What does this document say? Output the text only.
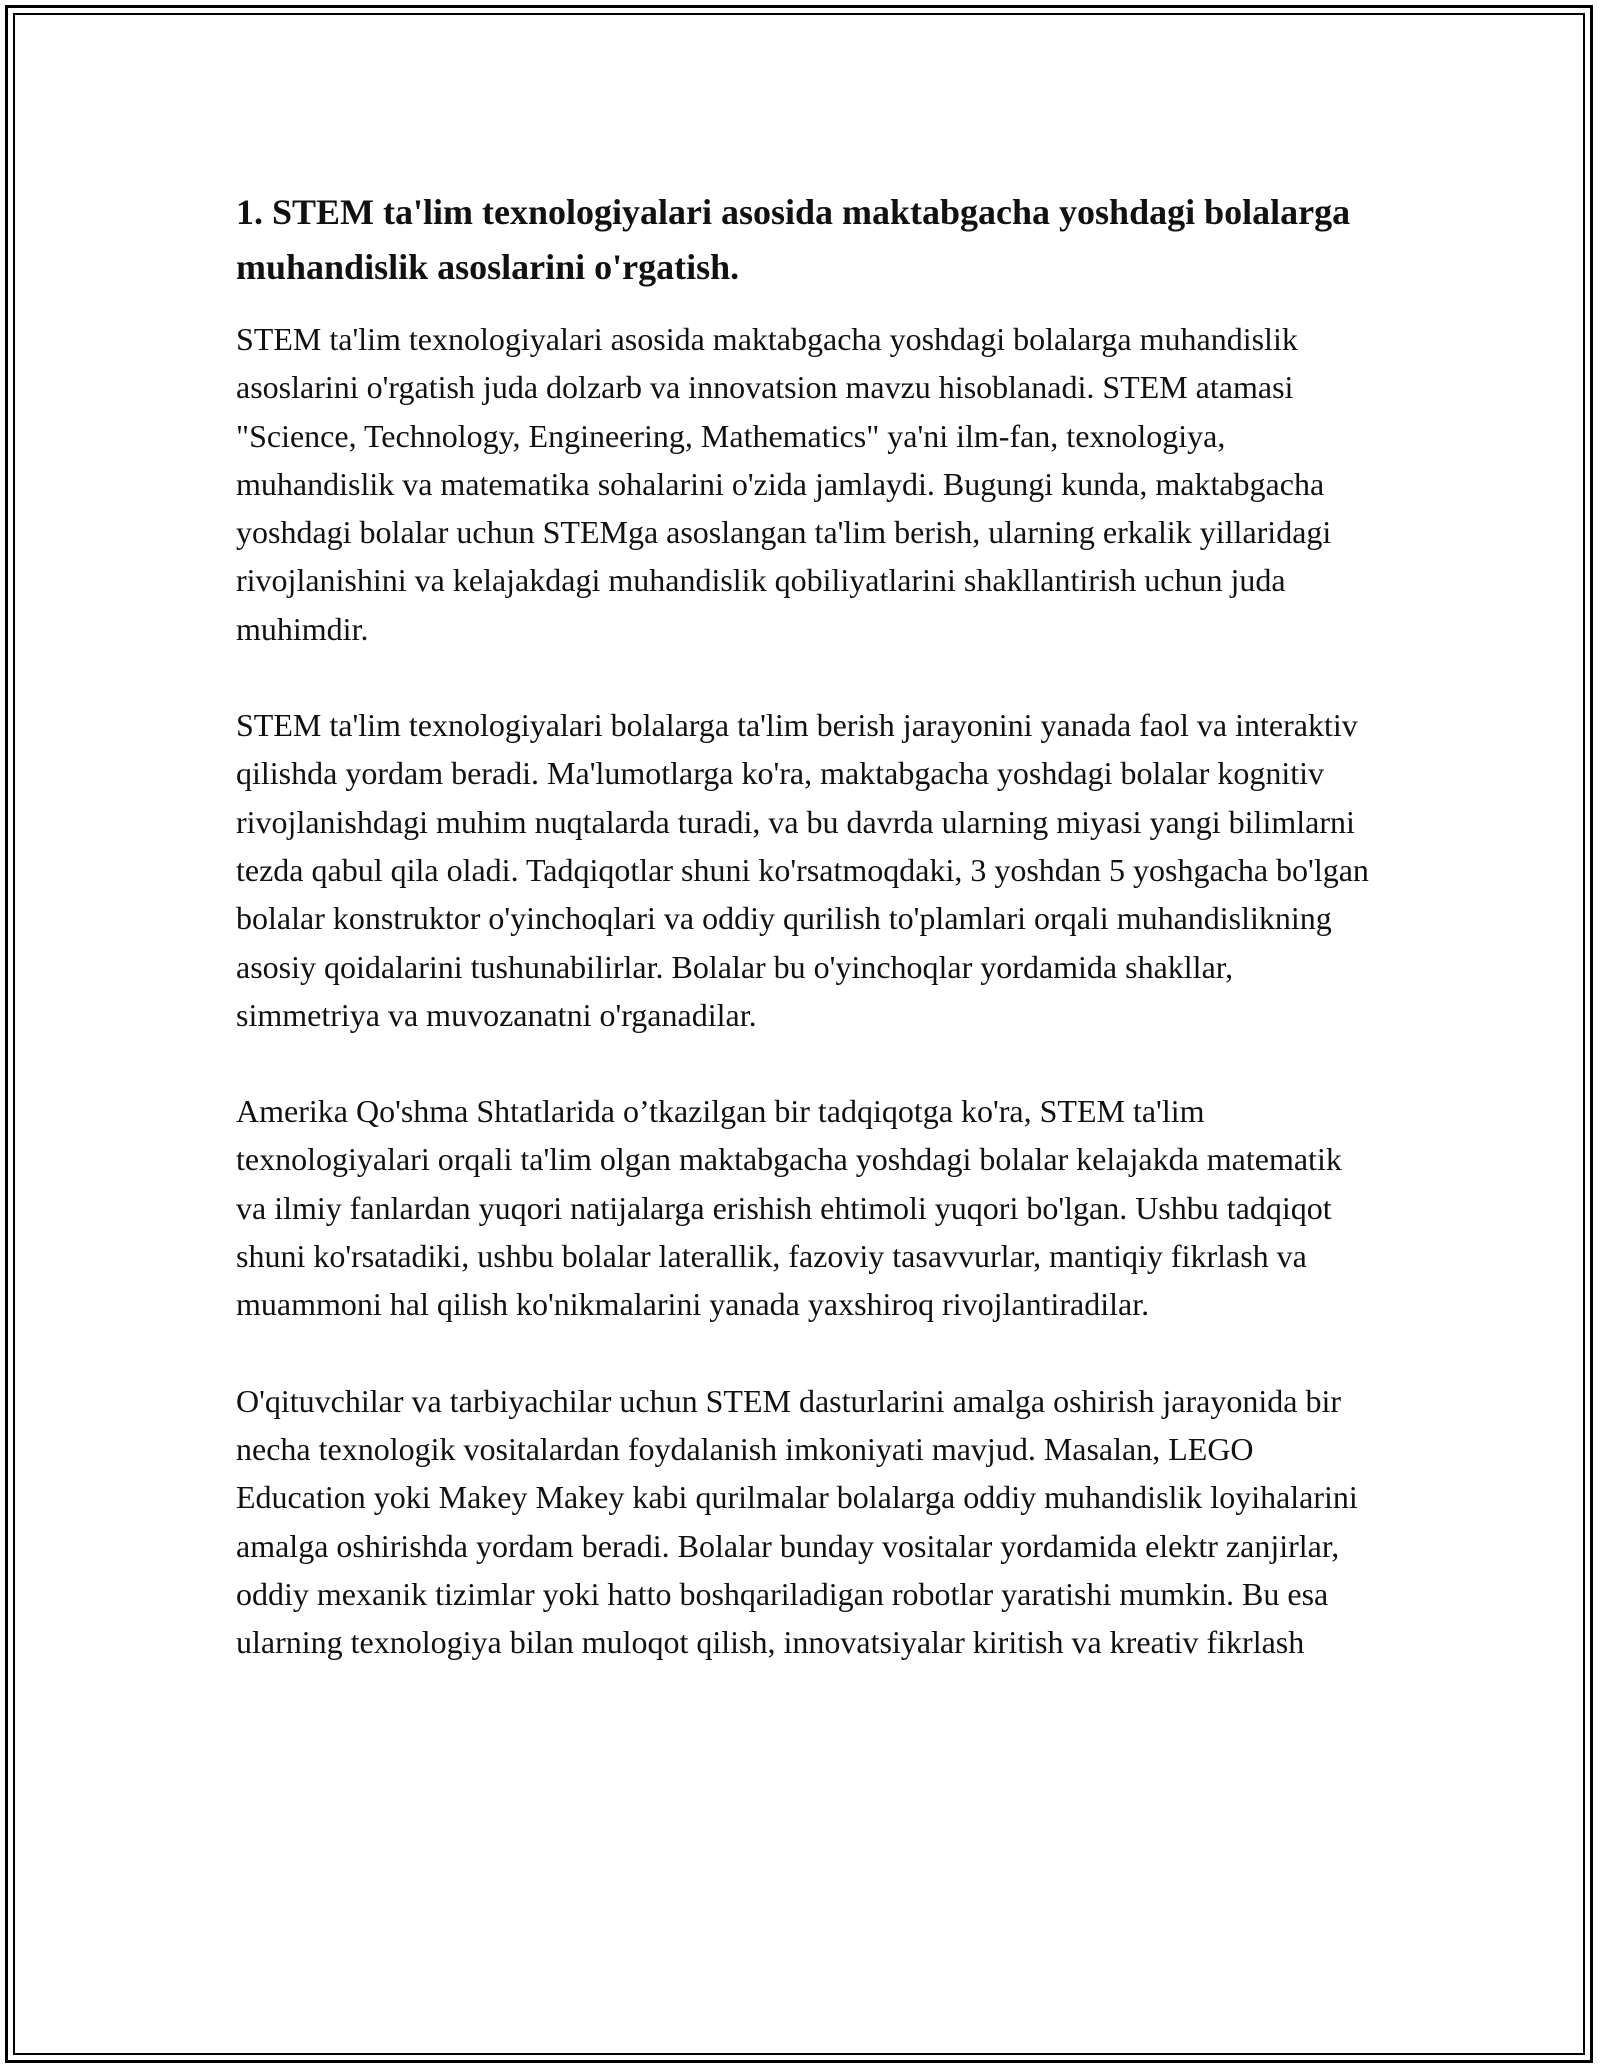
1. STEM ta'lim texnologiyalari asosida maktabgacha yoshdagi bolalarga muhandislik asoslarini o'rgatish.

STEM ta'lim texnologiyalari asosida maktabgacha yoshdagi bolalarga muhandislik asoslarini o'rgatish juda dolzarb va innovatsion mavzu hisoblanadi. STEM atamasi "Science, Technology, Engineering, Mathematics" ya'ni ilm-fan, texnologiya, muhandislik va matematika sohalarini o'zida jamlaydi. Bugungi kunda, maktabgacha yoshdagi bolalar uchun STEMga asoslangan ta'lim berish, ularning erkalik yillaridagi rivojlanishini va kelajakdagi muhandislik qobiliyatlarini shakllantirish uchun juda muhimdir.

STEM ta'lim texnologiyalari bolalarga ta'lim berish jarayonini yanada faol va interaktiv qilishda yordam beradi. Ma'lumotlarga ko'ra, maktabgacha yoshdagi bolalar kognitiv rivojlanishdagi muhim nuqtalarda turadi, va bu davrda ularning miyasi yangi bilimlarni tezda qabul qila oladi. Tadqiqotlar shuni ko'rsatmoqdaki, 3 yoshdan 5 yoshgacha bo'lgan bolalar konstruktor o'yinchoqlari va oddiy qurilish to'plamlari orqali muhandislikning asosiy qoidalarini tushunabilirlar. Bolalar bu o'yinchoqlar yordamida shakllar, simmetriya va muvozanatni o'rganadilar.

Amerika Qo'shma Shtatlarida o’tkazilgan bir tadqiqotga ko'ra, STEM ta'lim texnologiyalari orqali ta'lim olgan maktabgacha yoshdagi bolalar kelajakda matematik va ilmiy fanlardan yuqori natijalarga erishish ehtimoli yuqori bo'lgan. Ushbu tadqiqot shuni ko'rsatadiki, ushbu bolalar laterallik, fazoviy tasavvurlar, mantiqiy fikrlash va muammoni hal qilish ko'nikmalarini yanada yaxshiroq rivojlantiradilar.

O'qituvchilar va tarbiyachilar uchun STEM dasturlarini amalga oshirish jarayonida bir necha texnologik vositalardan foydalanish imkoniyati mavjud. Masalan, LEGO Education yoki Makey Makey kabi qurilmalar bolalarga oddiy muhandislik loyihalarini amalga oshirishda yordam beradi. Bolalar bunday vositalar yordamida elektr zanjirlar, oddiy mexanik tizimlar yoki hatto boshqariladigan robotlar yaratishi mumkin. Bu esa ularning texnologiya bilan muloqot qilish, innovatsiyalar kiritish va kreativ fikrlash
